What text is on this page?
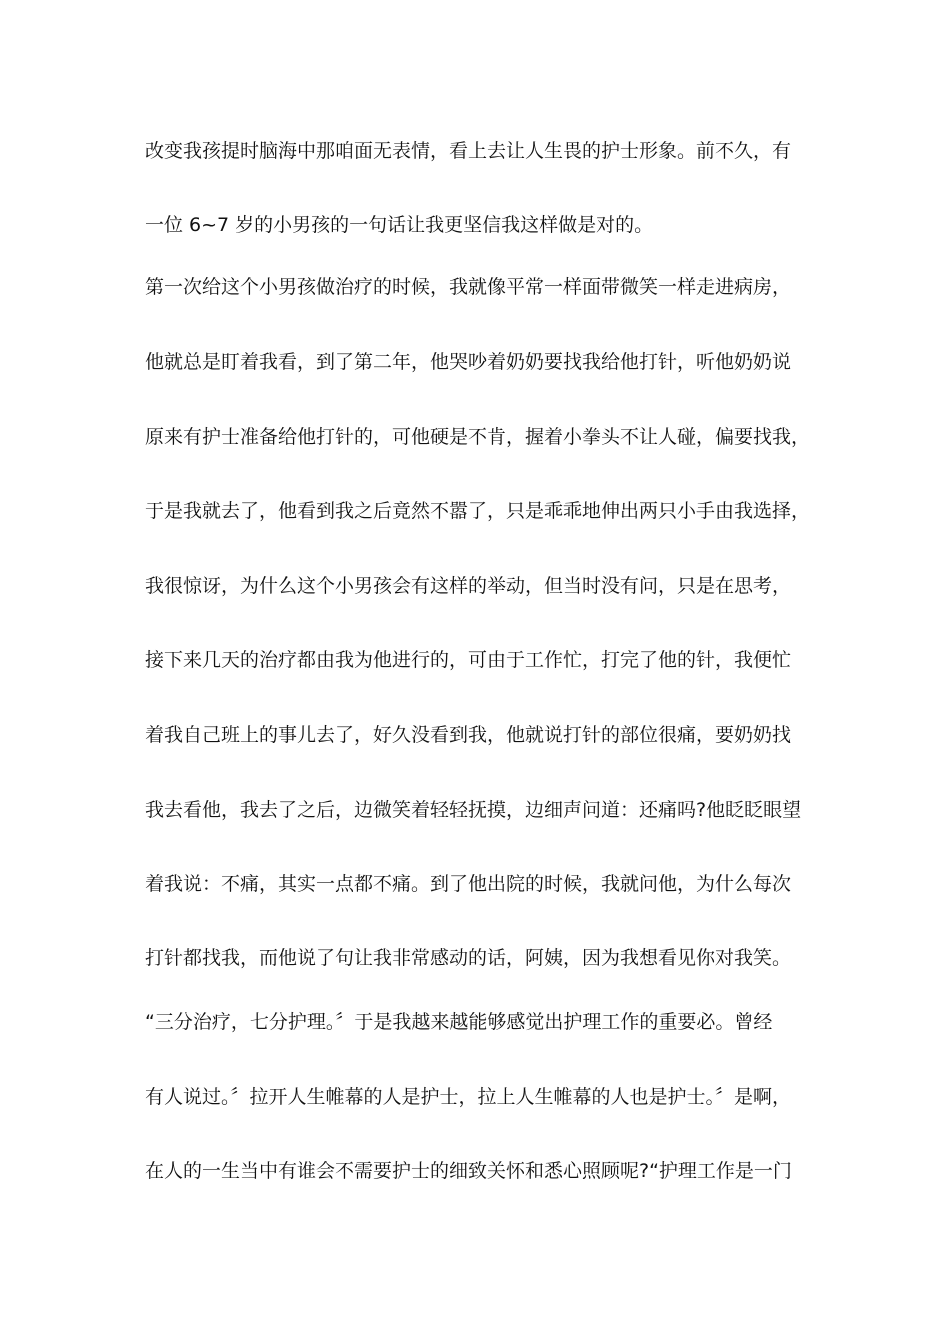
改变我孩提时脑海中那咱面无表情，看上去让人生畏的护士形象。前不久，有
一位 6~7 岁的小男孩的一句话让我更坚信我这样做是对的。
第一次给这个小男孩做治疗的时候，我就像平常一样面带微笑一样走进病房，
他就总是盯着我看，到了第二年，他哭吵着奶奶要找我给他打针，听他奶奶说
原来有护士准备给他打针的，可他硬是不肯，握着小拳头不让人碰，偏要找我，
于是我就去了，他看到我之后竟然不嚣了，只是乖乖地伸出两只小手由我选择，
我很惊讶，为什么这个小男孩会有这样的举动，但当时没有问，只是在思考，
接下来几天的治疗都由我为他进行的，可由于工作忙，打完了他的针，我便忙
着我自己班上的事儿去了，好久没看到我，他就说打针的部位很痛，要奶奶找
我去看他，我去了之后，边微笑着轻轻抚摸，边细声问道：还痛吗?他眨眨眼望
着我说：不痛，其实一点都不痛。到了他出院的时候，我就问他，为什么每次
打针都找我，而他说了句让我非常感动的话，阿姨，因为我想看见你对我笑。
“三分治疗，七分护理。〞于是我越来越能够感觉出护理工作的重要必。曾经
有人说过。〞拉开人生帷幕的人是护士，拉上人生帷幕的人也是护士。〞是啊，
在人的一生当中有谁会不需要护士的细致关怀和悉心照顾呢?“护理工作是一门
